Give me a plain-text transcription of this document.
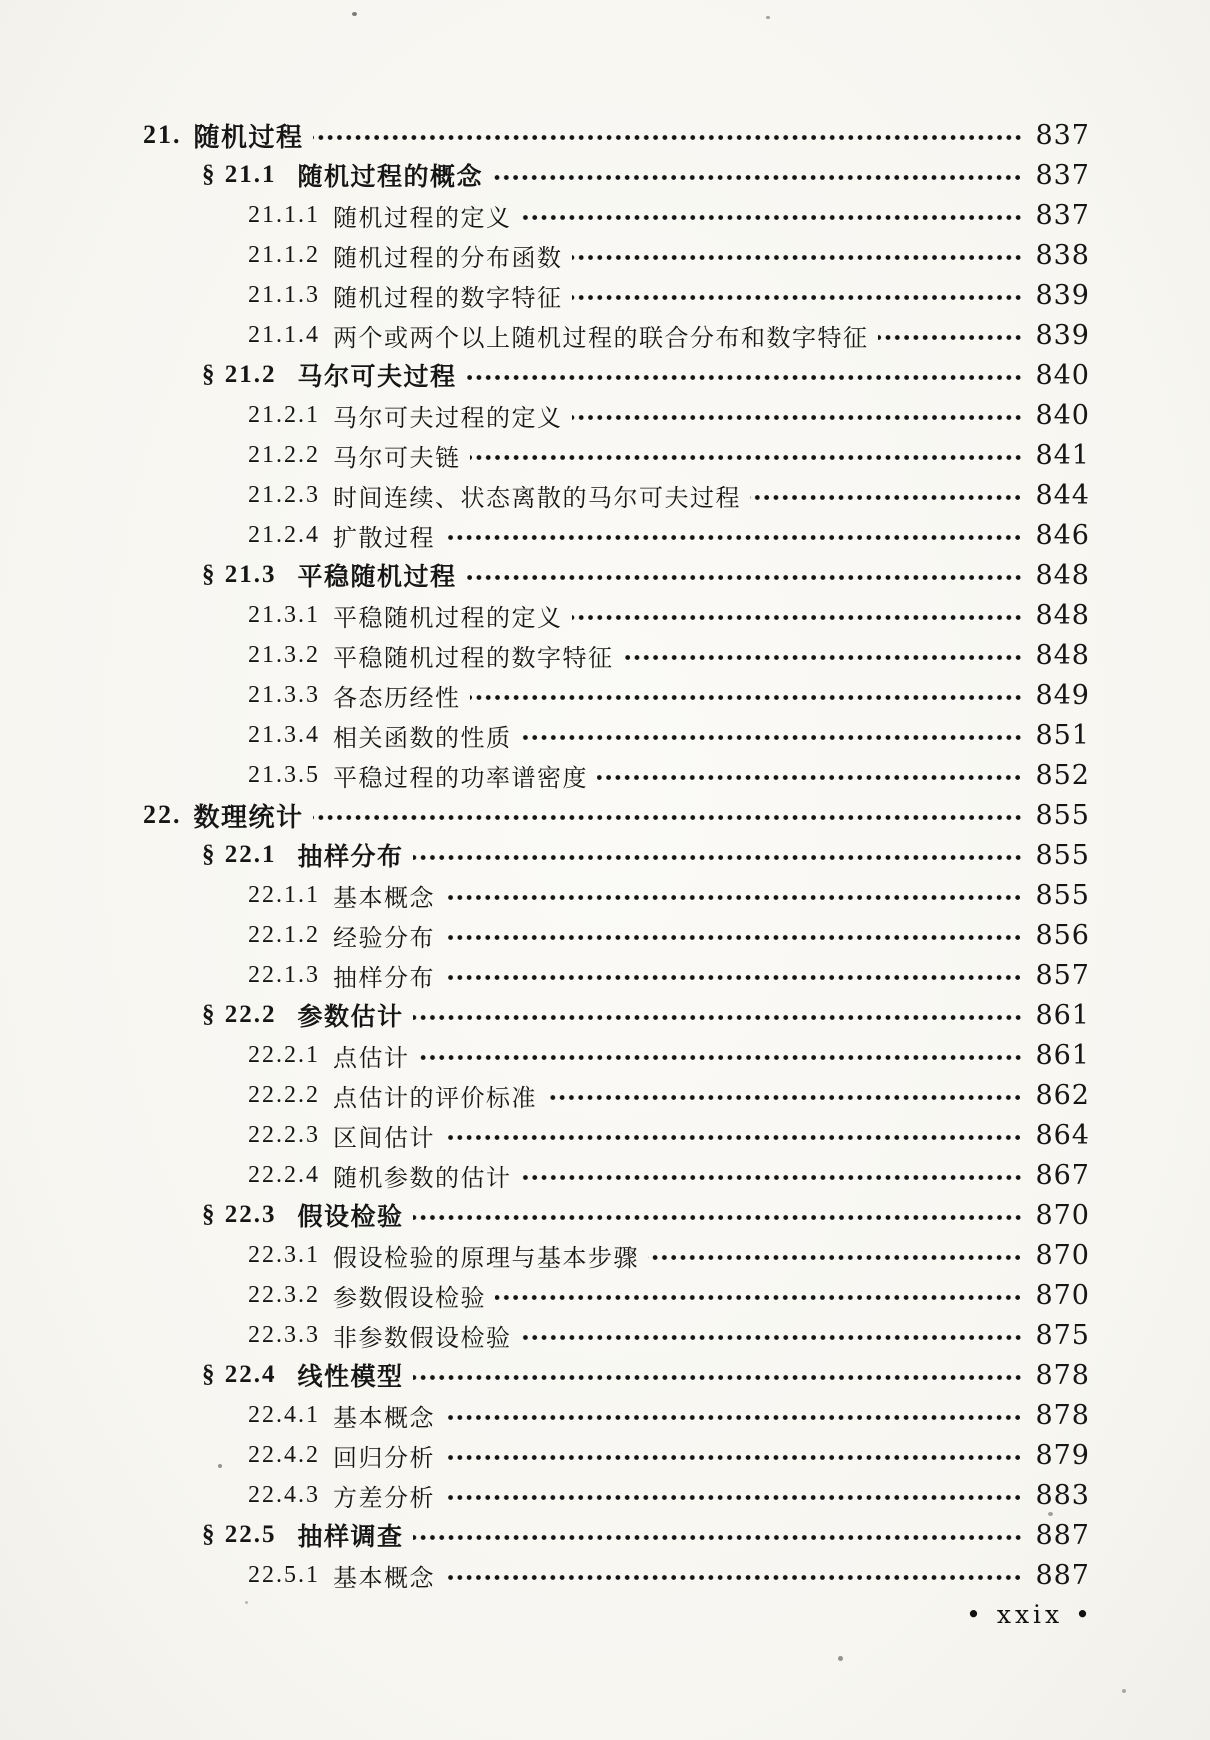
21. 随机过程	837
§ 21.1 随机过程的概念	837
21.1.1 随机过程的定义	837
21.1.2 随机过程的分布函数	838
21.1.3 随机过程的数字特征	839
21.1.4 两个或两个以上随机过程的联合分布和数字特征	839
§ 21.2 马尔可夫过程	840
21.2.1 马尔可夫过程的定义	840
21.2.2 马尔可夫链	841
21.2.3 时间连续、状态离散的马尔可夫过程	844
21.2.4 扩散过程	846
§ 21.3 平稳随机过程	848
21.3.1 平稳随机过程的定义	848
21.3.2 平稳随机过程的数字特征	848
21.3.3 各态历经性	849
21.3.4 相关函数的性质	851
21.3.5 平稳过程的功率谱密度	852
22. 数理统计	855
§ 22.1 抽样分布	855
22.1.1 基本概念	855
22.1.2 经验分布	856
22.1.3 抽样分布	857
§ 22.2 参数估计	861
22.2.1 点估计	861
22.2.2 点估计的评价标准	862
22.2.3 区间估计	864
22.2.4 随机参数的估计	867
§ 22.3 假设检验	870
22.3.1 假设检验的原理与基本步骤	870
22.3.2 参数假设检验	870
22.3.3 非参数假设检验	875
§ 22.4 线性模型	878
22.4.1 基本概念	878
22.4.2 回归分析	879
22.4.3 方差分析	883
§ 22.5 抽样调查	887
22.5.1 基本概念	887
• xxix •
